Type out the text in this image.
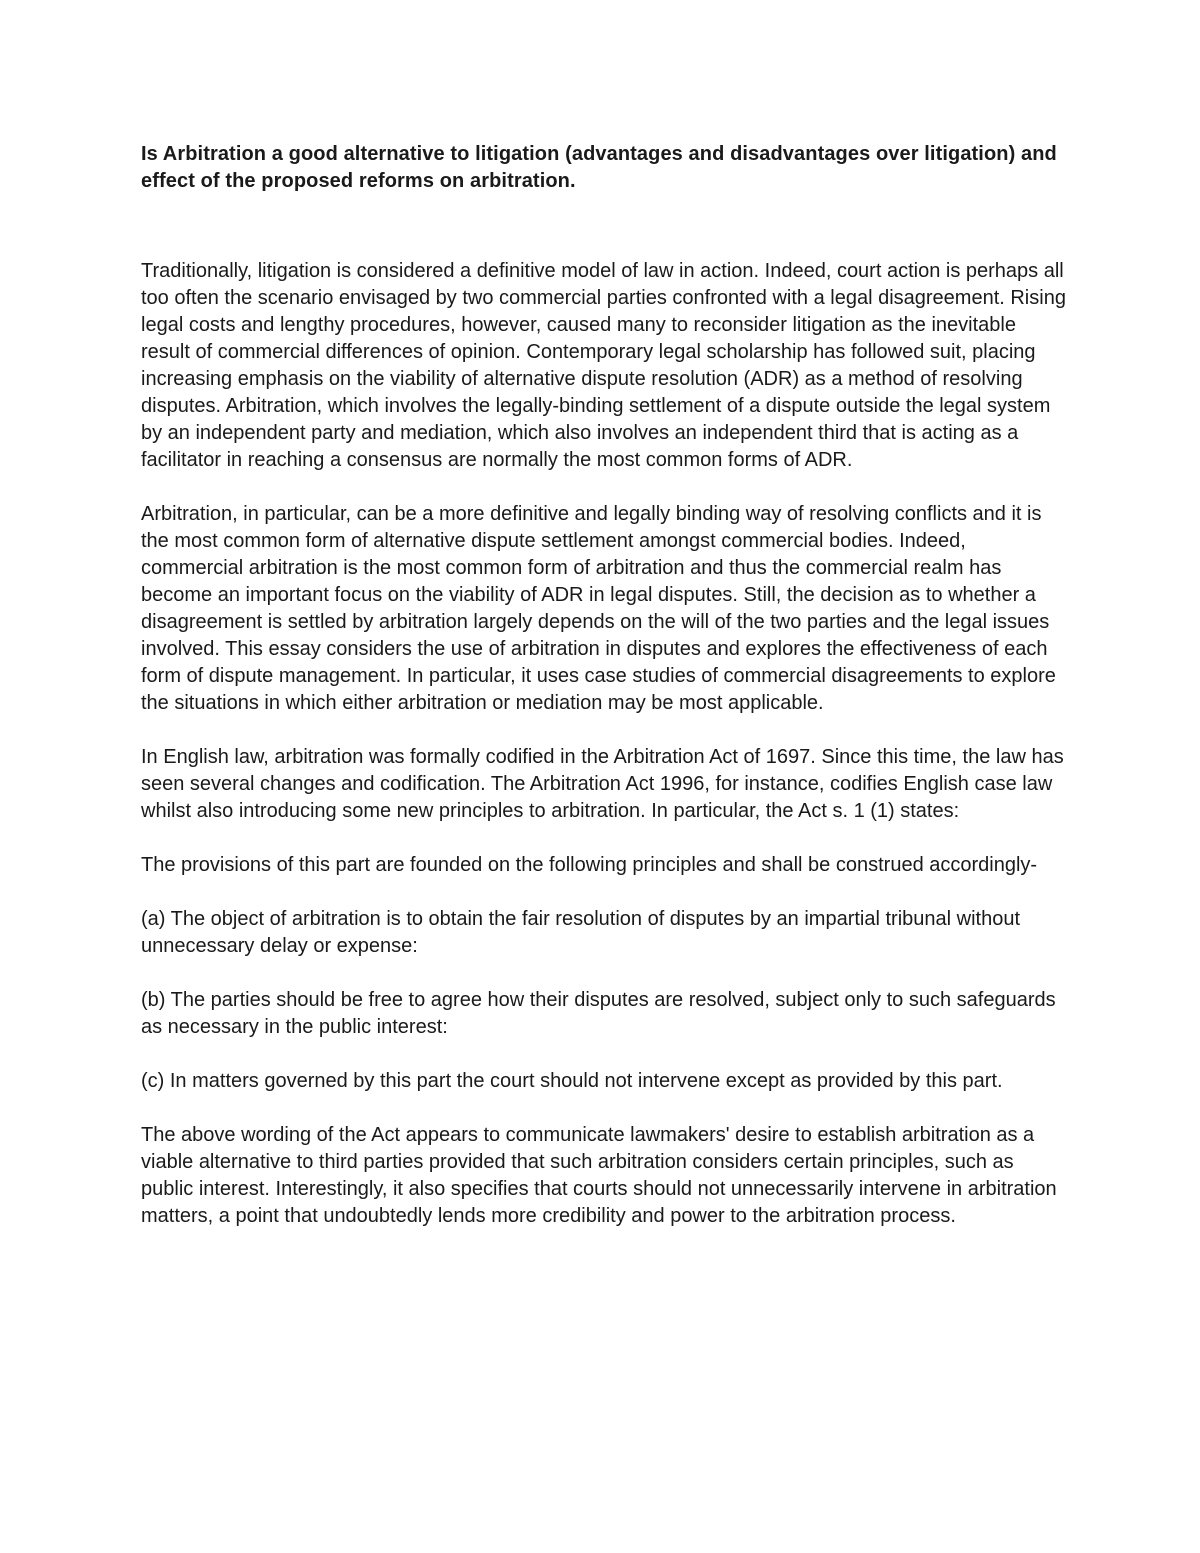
Is Arbitration a good alternative to litigation (advantages and disadvantages over litigation) and effect of the proposed reforms on arbitration.
Traditionally, litigation is considered a definitive model of law in action. Indeed, court action is perhaps all too often the scenario envisaged by two commercial parties confronted with a legal disagreement. Rising legal costs and lengthy procedures, however, caused many to reconsider litigation as the inevitable result of commercial differences of opinion. Contemporary legal scholarship has followed suit, placing increasing emphasis on the viability of alternative dispute resolution (ADR) as a method of resolving disputes. Arbitration, which involves the legally-binding settlement of a dispute outside the legal system by an independent party and mediation, which also involves an independent third that is acting as a facilitator in reaching a consensus are normally the most common forms of ADR.
Arbitration, in particular, can be a more definitive and legally binding way of resolving conflicts and it is the most common form of alternative dispute settlement amongst commercial bodies. Indeed, commercial arbitration is the most common form of arbitration and thus the commercial realm has become an important focus on the viability of ADR in legal disputes. Still, the decision as to whether a disagreement is settled by arbitration largely depends on the will of the two parties and the legal issues involved. This essay considers the use of arbitration in disputes and explores the effectiveness of each form of dispute management. In particular, it uses case studies of commercial disagreements to explore the situations in which either arbitration or mediation may be most applicable.
In English law, arbitration was formally codified in the Arbitration Act of 1697. Since this time, the law has seen several changes and codification. The Arbitration Act 1996, for instance, codifies English case law whilst also introducing some new principles to arbitration. In particular, the Act s. 1 (1) states:
The provisions of this part are founded on the following principles and shall be construed accordingly-
(a) The object of arbitration is to obtain the fair resolution of disputes by an impartial tribunal without unnecessary delay or expense:
(b) The parties should be free to agree how their disputes are resolved, subject only to such safeguards as necessary in the public interest:
(c) In matters governed by this part the court should not intervene except as provided by this part.
The above wording of the Act appears to communicate lawmakers' desire to establish arbitration as a viable alternative to third parties provided that such arbitration considers certain principles, such as public interest. Interestingly, it also specifies that courts should not unnecessarily intervene in arbitration matters, a point that undoubtedly lends more credibility and power to the arbitration process.
